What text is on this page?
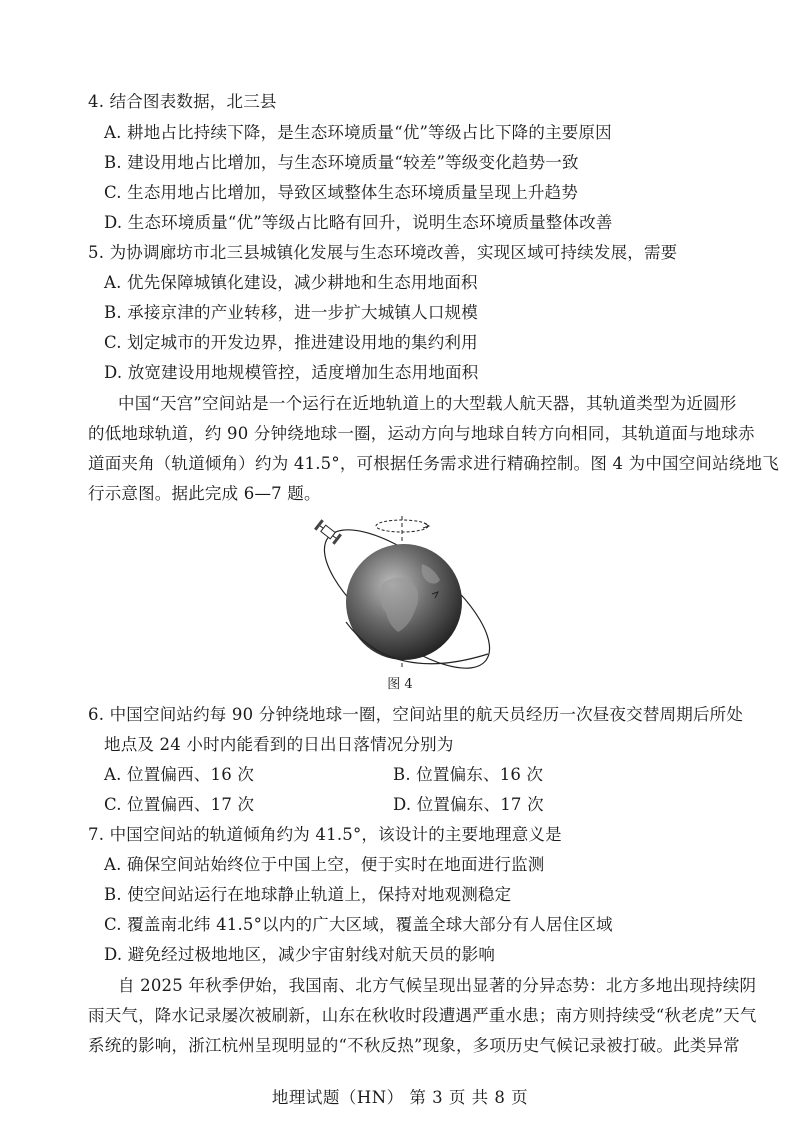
4. 结合图表数据，北三县
A. 耕地占比持续下降，是生态环境质量“优”等级占比下降的主要原因
B. 建设用地占比增加，与生态环境质量“较差”等级变化趋势一致
C. 生态用地占比增加，导致区域整体生态环境质量呈现上升趋势
D. 生态环境质量“优”等级占比略有回升，说明生态环境质量整体改善
5. 为协调廊坊市北三县城镇化发展与生态环境改善，实现区域可持续发展，需要
A. 优先保障城镇化建设，减少耕地和生态用地面积
B. 承接京津的产业转移，进一步扩大城镇人口规模
C. 划定城市的开发边界，推进建设用地的集约利用
D. 放宽建设用地规模管控，适度增加生态用地面积
中国“天宫”空间站是一个运行在近地轨道上的大型载人航天器，其轨道类型为近圆形
的低地球轨道，约 90 分钟绕地球一圈，运动方向与地球自转方向相同，其轨道面与地球赤
道面夹角（轨道倾角）约为 41.5°，可根据任务需求进行精确控制。图 4 为中国空间站绕地飞
行示意图。据此完成 6—7 题。
图 4
6. 中国空间站约每 90 分钟绕地球一圈，空间站里的航天员经历一次昼夜交替周期后所处
地点及 24 小时内能看到的日出日落情况分别为
A. 位置偏西、16 次	B. 位置偏东、16 次
C. 位置偏西、17 次	D. 位置偏东、17 次
7. 中国空间站的轨道倾角约为 41.5°，该设计的主要地理意义是
A. 确保空间站始终位于中国上空，便于实时在地面进行监测
B. 使空间站运行在地球静止轨道上，保持对地观测稳定
C. 覆盖南北纬 41.5°以内的广大区域，覆盖全球大部分有人居住区域
D. 避免经过极地地区，减少宇宙射线对航天员的影响
自 2025 年秋季伊始，我国南、北方气候呈现出显著的分异态势：北方多地出现持续阴
雨天气，降水记录屡次被刷新，山东在秋收时段遭遇严重水患；南方则持续受“秋老虎”天气
系统的影响，浙江杭州呈现明显的“不秋反热”现象，多项历史气候记录被打破。此类异常
地理试题（HN） 第 3 页 共 8 页
